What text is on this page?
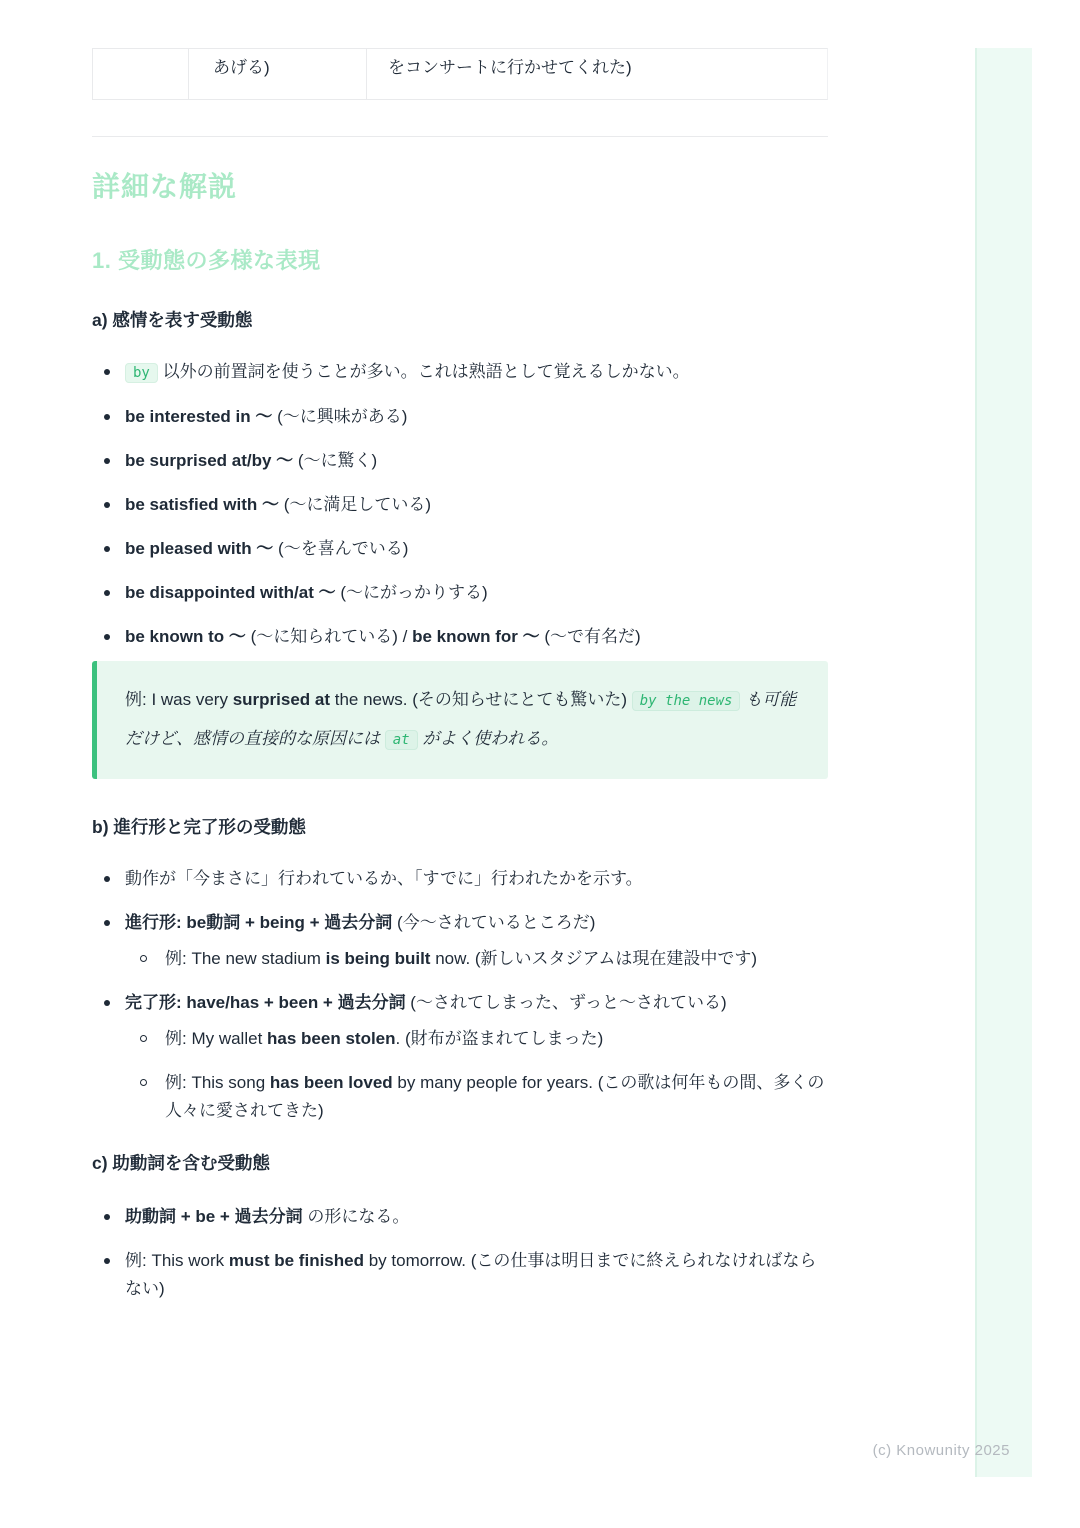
あげる)	をコンサートに行かせてくれた)
詳細な解説
1. 受動態の多様な表現
a) 感情を表す受動態
by 以外の前置詞を使うことが多い。これは熟語として覚えるしかない。
be interested in 〜 (〜に興味がある)
be surprised at/by 〜 (〜に驚く)
be satisfied with 〜 (〜に満足している)
be pleased with 〜 (〜を喜んでいる)
be disappointed with/at 〜 (〜にがっかりする)
be known to 〜 (〜に知られている) / be known for 〜 (〜で有名だ)

例: I was very surprised at the news. (その知らせにとても驚いた) by the news も可能だけど、感情の直接的な原因には at がよく使われる。

b) 進行形と完了形の受動態
動作が「今まさに」行われているか、「すでに」行われたかを示す。
進行形: be動詞 + being + 過去分詞 (今〜されているところだ)
例: The new stadium is being built now. (新しいスタジアムは現在建設中です)
完了形: have/has + been + 過去分詞 (〜されてしまった、ずっと〜されている)
例: My wallet has been stolen. (財布が盗まれてしまった)
例: This song has been loved by many people for years. (この歌は何年もの間、多くの人々に愛されてきた)
c) 助動詞を含む受動態
助動詞 + be + 過去分詞 の形になる。
例: This work must be finished by tomorrow. (この仕事は明日までに終えられなければならない)
(c) Knowunity 2025
